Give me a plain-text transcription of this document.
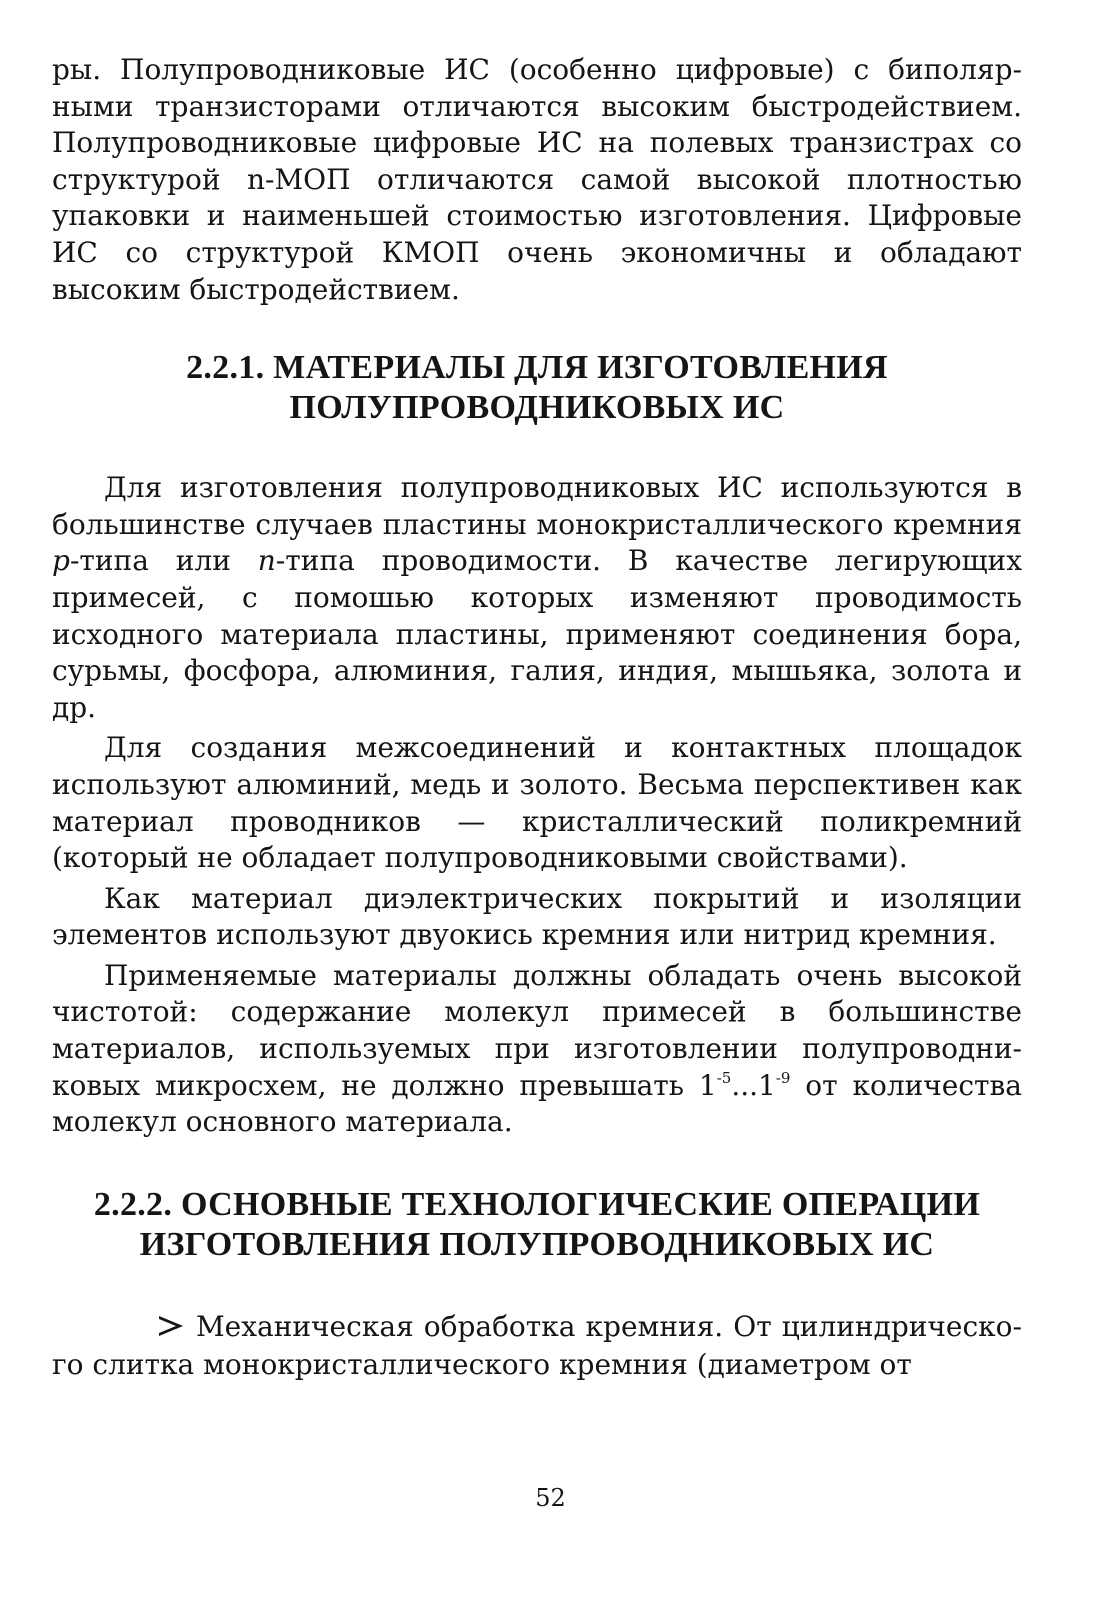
ры. Полупроводниковые ИС (особенно цифровые) с биполярными транзисторами отличаются высоким быстродействием. Полупроводниковые цифровые ИС на полевых транзистрах со структурой n-МОП отличаются самой высокой плотностью упаковки и наименьшей стоимостью изготовления. Цифровые ИС со структурой КМОП очень экономичны и обладают высоким быстродействием.

2.2.1. МАТЕРИАЛЫ ДЛЯ ИЗГОТОВЛЕНИЯ
ПОЛУПРОВОДНИКОВЫХ ИС

Для изготовления полупроводниковых ИС используются в большинстве случаев пластины монокристаллического кремния p-типа или n-типа проводимости. В качестве легирующих примесей, с помошью которых изменяют проводимость исходного материала пластины, применяют соединения бора, сурьмы, фосфора, алюминия, галия, индия, мышьяка, золота и др.

Для создания межсоединений и контактных площадок используют алюминий, медь и золото. Весьма перспективен как материал проводников — кристаллический поликремний (который не обладает полупроводниковыми свойствами).

Как материал диэлектрических покрытий и изоляции элементов используют двуокись кремния или нитрид кремния.

Применяемые материалы должны обладать очень высокой чистотой: содержание молекул примесей в большинстве материалов, используемых при изготовлении полупроводниковых микросхем, не должно превышать $1^{-5}...1^{-9}$ от количества молекул основного материала.

2.2.2. ОСНОВНЫЕ ТЕХНОЛОГИЧЕСКИЕ ОПЕРАЦИИ
ИЗГОТОВЛЕНИЯ ПОЛУПРОВОДНИКОВЫХ ИС

Механическая обработка кремния. От цилиндрического слитка монокристаллического кремния (диаметром от

52
